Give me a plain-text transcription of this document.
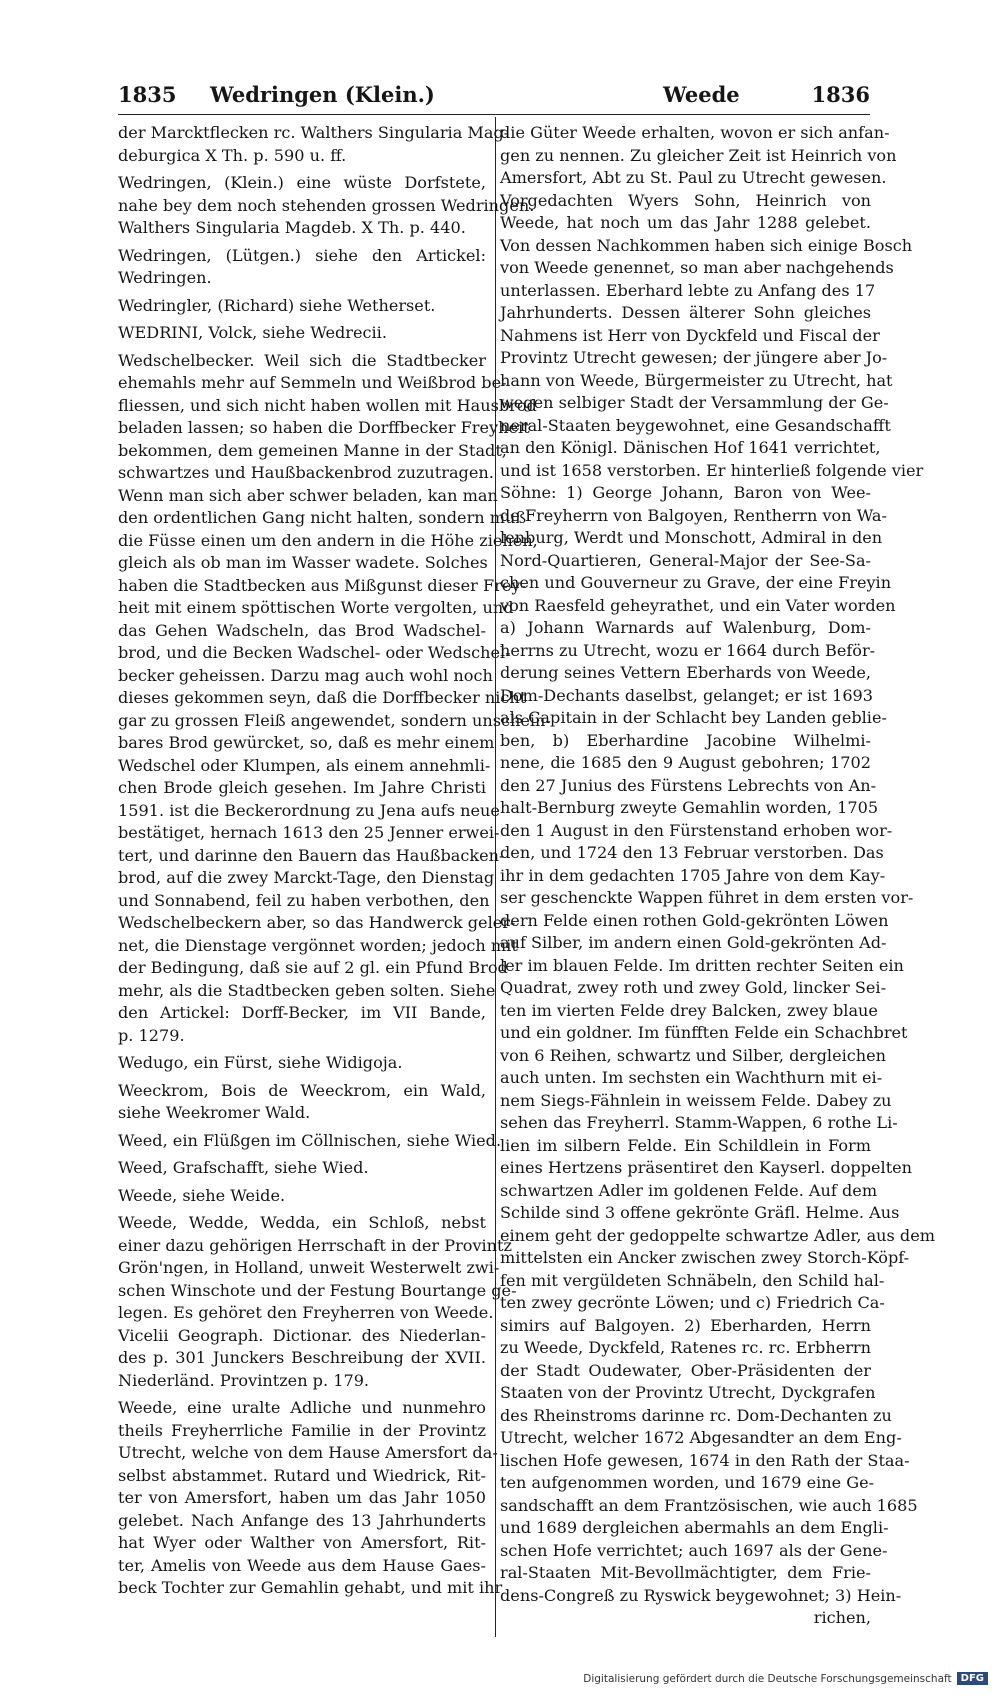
1835 Wedringen (Klein.)	Weede	1836
der Marcktflecken rc. Walthers Singularia Mag-
deburgica X Th. p. 590 u. ff.
Wedringen, (Klein.) eine wüste Dorfstete,
nahe bey dem noch stehenden grossen Wedringen.
Walthers Singularia Magdeb. X Th. p. 440.
Wedringen, (Lütgen.) siehe den Artickel:
Wedringen.
Wedringler, (Richard) siehe Wetherset.
WEDRINI, Volck, siehe Wedrecii.
Wedschelbecker. Weil sich die Stadtbecker
ehemahls mehr auf Semmeln und Weißbrod be-
fliessen, und sich nicht haben wollen mit Hausbrod
beladen lassen; so haben die Dorffbecker Freyheit
bekommen, dem gemeinen Manne in der Stadt,
schwartzes und Haußbackenbrod zuzutragen.
Wenn man sich aber schwer beladen, kan man
den ordentlichen Gang nicht halten, sondern muß
die Füsse einen um den andern in die Höhe ziehen,
gleich als ob man im Wasser wadete. Solches
haben die Stadtbecken aus Mißgunst dieser Frey-
heit mit einem spöttischen Worte vergolten, und
das Gehen Wadscheln, das Brod Wadschel-
brod, und die Becken Wadschel- oder Wedschel-
becker geheissen. Darzu mag auch wohl noch
dieses gekommen seyn, daß die Dorffbecker nicht
gar zu grossen Fleiß angewendet, sondern unschein-
bares Brod gewürcket, so, daß es mehr einem
Wedschel oder Klumpen, als einem annehmli-
chen Brode gleich gesehen. Im Jahre Christi
1591. ist die Beckerordnung zu Jena aufs neue
bestätiget, hernach 1613 den 25 Jenner erwei-
tert, und darinne den Bauern das Haußbacken-
brod, auf die zwey Marckt-Tage, den Dienstag
und Sonnabend, feil zu haben verbothen, den
Wedschelbeckern aber, so das Handwerck geler-
net, die Dienstage vergönnet worden; jedoch mit
der Bedingung, daß sie auf 2 gl. ein Pfund Brod
mehr, als die Stadtbecken geben solten. Siehe
den Artickel: Dorff-Becker, im VII Bande,
p. 1279.
Wedugo, ein Fürst, siehe Widigoja.
Weeckrom, Bois de Weeckrom, ein Wald,
siehe Weekromer Wald.
Weed, ein Flüßgen im Cöllnischen, siehe Wied.
Weed, Grafschafft, siehe Wied.
Weede, siehe Weide.
Weede, Wedde, Wedda, ein Schloß, nebst
einer dazu gehörigen Herrschaft in der Provintz
Grön'ngen, in Holland, unweit Westerwelt zwi-
schen Winschote und der Festung Bourtange ge-
legen. Es gehöret den Freyherren von Weede.
Vicelii Geograph. Dictionar. des Niederlan-
des p. 301 Junckers Beschreibung der XVII.
Niederländ. Provintzen p. 179.
Weede, eine uralte Adliche und nunmehro
theils Freyherrliche Familie in der Provintz
Utrecht, welche von dem Hause Amersfort da-
selbst abstammet. Rutard und Wiedrick, Rit-
ter von Amersfort, haben um das Jahr 1050
gelebet. Nach Anfange des 13 Jahrhunderts
hat Wyer oder Walther von Amersfort, Rit-
ter, Amelis von Weede aus dem Hause Gaes-
beck Tochter zur Gemahlin gehabt, und mit ihr
die Güter Weede erhalten, wovon er sich anfan-
gen zu nennen. Zu gleicher Zeit ist Heinrich von
Amersfort, Abt zu St. Paul zu Utrecht gewesen.
Vorgedachten Wyers Sohn, Heinrich von
Weede, hat noch um das Jahr 1288 gelebet.
Von dessen Nachkommen haben sich einige Bosch
von Weede genennet, so man aber nachgehends
unterlassen. Eberhard lebte zu Anfang des 17
Jahrhunderts. Dessen älterer Sohn gleiches
Nahmens ist Herr von Dyckfeld und Fiscal der
Provintz Utrecht gewesen; der jüngere aber Jo-
hann von Weede, Bürgermeister zu Utrecht, hat
wegen selbiger Stadt der Versammlung der Ge-
neral-Staaten beygewohnet, eine Gesandschafft
an den Königl. Dänischen Hof 1641 verrichtet,
und ist 1658 verstorben. Er hinterließ folgende vier
Söhne: 1) George Johann, Baron von Wee-
de Freyherrn von Balgoyen, Rentherrn von Wa-
lenburg, Werdt und Monschott, Admiral in den
Nord-Quartieren, General-Major der See-Sa-
chen und Gouverneur zu Grave, der eine Freyin
von Raesfeld geheyrathet, und ein Vater worden
a) Johann Warnards auf Walenburg, Dom-
herrns zu Utrecht, wozu er 1664 durch Beför-
derung seines Vettern Eberhards von Weede,
Dom-Dechants daselbst, gelanget; er ist 1693
als Capitain in der Schlacht bey Landen geblie-
ben, b) Eberhardine Jacobine Wilhelmi-
nene, die 1685 den 9 August gebohren; 1702
den 27 Junius des Fürstens Lebrechts von An-
halt-Bernburg zweyte Gemahlin worden, 1705
den 1 August in den Fürstenstand erhoben wor-
den, und 1724 den 13 Februar verstorben. Das
ihr in dem gedachten 1705 Jahre von dem Kay-
ser geschenckte Wappen führet in dem ersten vor-
dern Felde einen rothen Gold-gekrönten Löwen
auf Silber, im andern einen Gold-gekrönten Ad-
ler im blauen Felde. Im dritten rechter Seiten ein
Quadrat, zwey roth und zwey Gold, lincker Sei-
ten im vierten Felde drey Balcken, zwey blaue
und ein goldner. Im fünfften Felde ein Schachbret
von 6 Reihen, schwartz und Silber, dergleichen
auch unten. Im sechsten ein Wachthurn mit ei-
nem Siegs-Fähnlein in weissem Felde. Dabey zu
sehen das Freyherrl. Stamm-Wappen, 6 rothe Li-
lien im silbern Felde. Ein Schildlein in Form
eines Hertzens präsentiret den Kayserl. doppelten
schwartzen Adler im goldenen Felde. Auf dem
Schilde sind 3 offene gekrönte Gräfl. Helme. Aus
einem geht der gedoppelte schwartze Adler, aus dem
mittelsten ein Ancker zwischen zwey Storch-Köpf-
fen mit vergüldeten Schnäbeln, den Schild hal-
ten zwey gecrönte Löwen; und c) Friedrich Ca-
simirs auf Balgoyen. 2) Eberharden, Herrn
zu Weede, Dyckfeld, Ratenes rc. rc. Erbherrn
der Stadt Oudewater, Ober-Präsidenten der
Staaten von der Provintz Utrecht, Dyckgrafen
des Rheinstroms darinne rc. Dom-Dechanten zu
Utrecht, welcher 1672 Abgesandter an dem Eng-
lischen Hofe gewesen, 1674 in den Rath der Staa-
ten aufgenommen worden, und 1679 eine Ge-
sandschafft an dem Frantzösischen, wie auch 1685
und 1689 dergleichen abermahls an dem Engli-
schen Hofe verrichtet; auch 1697 als der Gene-
ral-Staaten Mit-Bevollmächtigter, dem Frie-
dens-Congreß zu Ryswick beygewohnet; 3) Hein-
richen,
Digitalisierung gefördert durch die Deutsche Forschungsgemeinschaft DFG
